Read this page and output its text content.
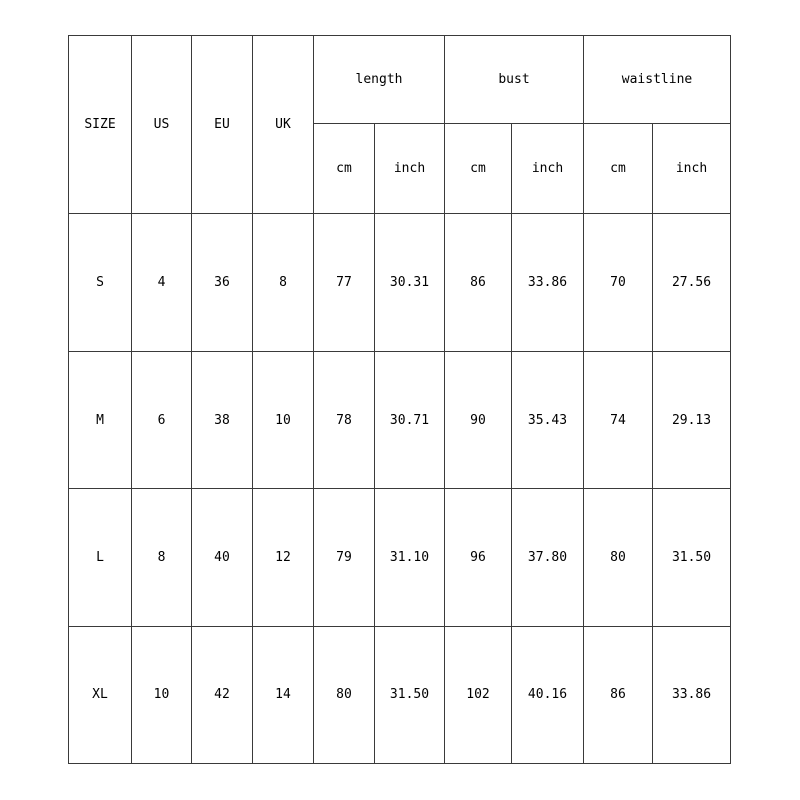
SIZE	US	EU	UK	length		bust		waistline	
				cm	inch	cm	inch	cm	inch
S	4	36	8	77	30.31	86	33.86	70	27.56
M	6	38	10	78	30.71	90	35.43	74	29.13
L	8	40	12	79	31.10	96	37.80	80	31.50
XL	10	42	14	80	31.50	102	40.16	86	33.86
